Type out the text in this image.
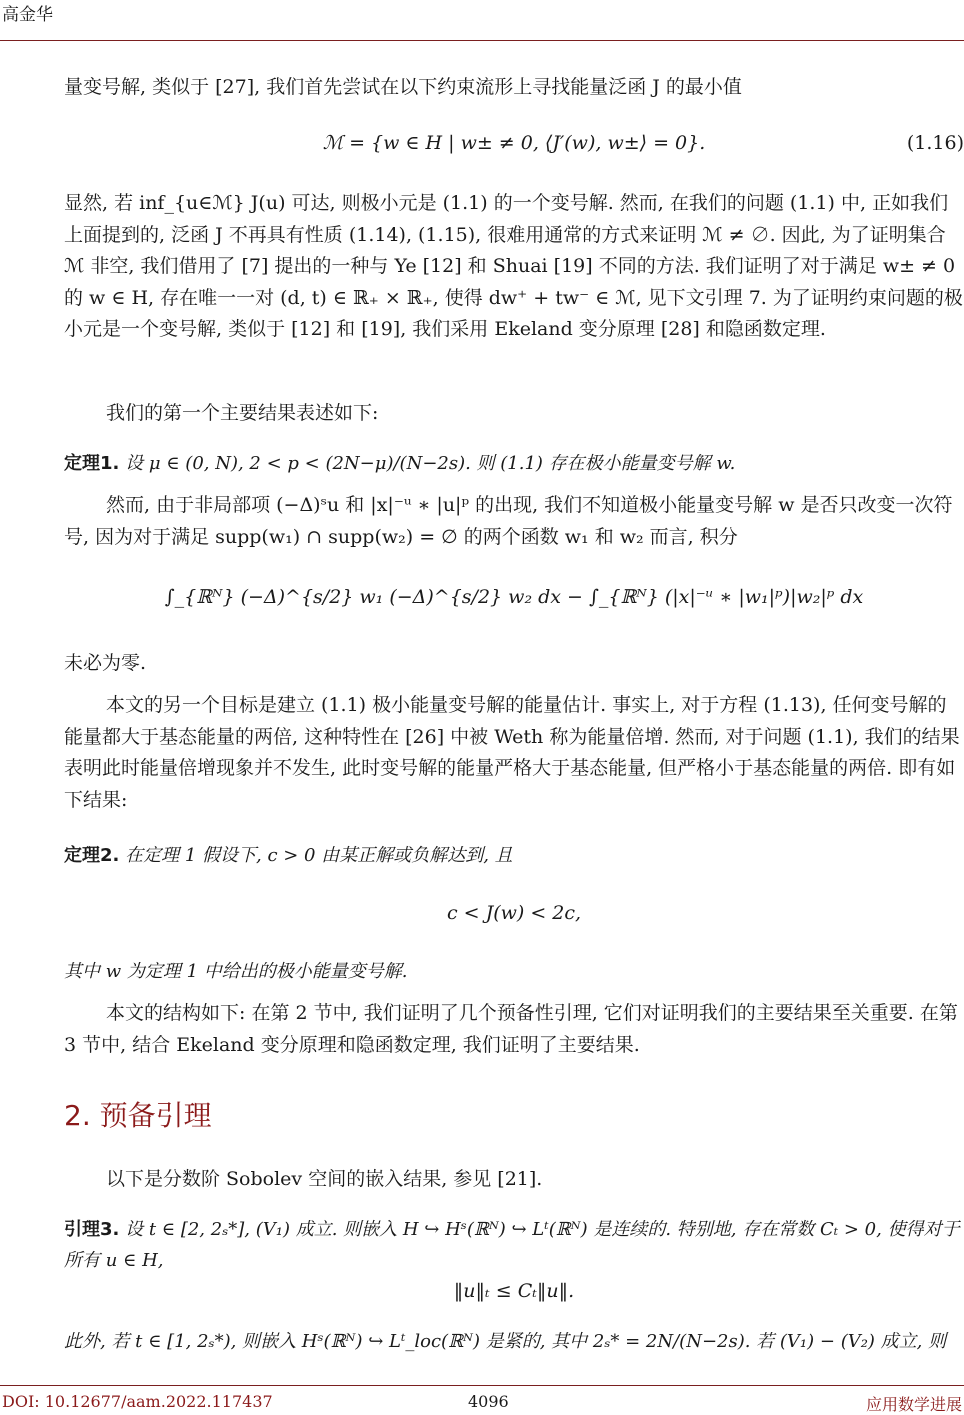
高金华

量变号解, 类似于 [27], 我们首先尝试在以下约束流形上寻找能量泛函 J 的最小值

ℳ = {w ∈ H | w± ≠ 0, ⟨J′(w), w±⟩ = 0}.	(1.16)

显然, 若 inf_{u∈ℳ} J(u) 可达, 则极小元是 (1.1) 的一个变号解. 然而, 在我们的问题 (1.1) 中, 正如我们上面提到的, 泛函 J 不再具有性质 (1.14), (1.15), 很难用通常的方式来证明 ℳ ≠ ∅. 因此, 为了证明集合 ℳ 非空, 我们借用了 [7] 提出的一种与 Ye [12] 和 Shuai [19] 不同的方法. 我们证明了对于满足 w± ≠ 0 的 w ∈ H, 存在唯一一对 (d, t) ∈ ℝ₊ × ℝ₊, 使得 dw⁺ + tw⁻ ∈ ℳ, 见下文引理 7. 为了证明约束问题的极小元是一个变号解, 类似于 [12] 和 [19], 我们采用 Ekeland 变分原理 [28] 和隐函数定理.

我们的第一个主要结果表述如下:

定理1. 设 μ ∈ (0, N), 2 < p < (2N−μ)/(N−2s). 则 (1.1) 存在极小能量变号解 w.

然而, 由于非局部项 (−Δ)ˢu 和 |x|⁻ᵘ ∗ |u|ᵖ 的出现, 我们不知道极小能量变号解 w 是否只改变一次符号, 因为对于满足 supp(w₁) ∩ supp(w₂) = ∅ 的两个函数 w₁ 和 w₂ 而言, 积分

∫_{ℝᴺ} (−Δ)^{s/2} w₁ (−Δ)^{s/2} w₂ dx − ∫_{ℝᴺ} (|x|⁻ᵘ ∗ |w₁|ᵖ)|w₂|ᵖ dx

未必为零.

本文的另一个目标是建立 (1.1) 极小能量变号解的能量估计. 事实上, 对于方程 (1.13), 任何变号解的能量都大于基态能量的两倍, 这种特性在 [26] 中被 Weth 称为能量倍增. 然而, 对于问题 (1.1), 我们的结果表明此时能量倍增现象并不发生, 此时变号解的能量严格大于基态能量, 但严格小于基态能量的两倍. 即有如下结果:

定理2. 在定理 1 假设下, c > 0 由某正解或负解达到, 且

c < J(w) < 2c,

其中 w 为定理 1 中给出的极小能量变号解.

本文的结构如下: 在第 2 节中, 我们证明了几个预备性引理, 它们对证明我们的主要结果至关重要. 在第 3 节中, 结合 Ekeland 变分原理和隐函数定理, 我们证明了主要结果.

2. 预备引理

以下是分数阶 Sobolev 空间的嵌入结果, 参见 [21].

引理3. 设 t ∈ [2, 2ₛ*], (V₁) 成立. 则嵌入 H ↪ Hˢ(ℝᴺ) ↪ Lᵗ(ℝᴺ) 是连续的. 特别地, 存在常数 Cₜ > 0, 使得对于所有 u ∈ H,

‖u‖ₜ ≤ Cₜ‖u‖.

此外, 若 t ∈ [1, 2ₛ*), 则嵌入 Hˢ(ℝᴺ) ↪ Lᵗ_loc(ℝᴺ) 是紧的, 其中 2ₛ* = 2N/(N−2s). 若 (V₁) − (V₂) 成立, 则

DOI: 10.12677/aam.2022.117437	4096	应用数学进展
